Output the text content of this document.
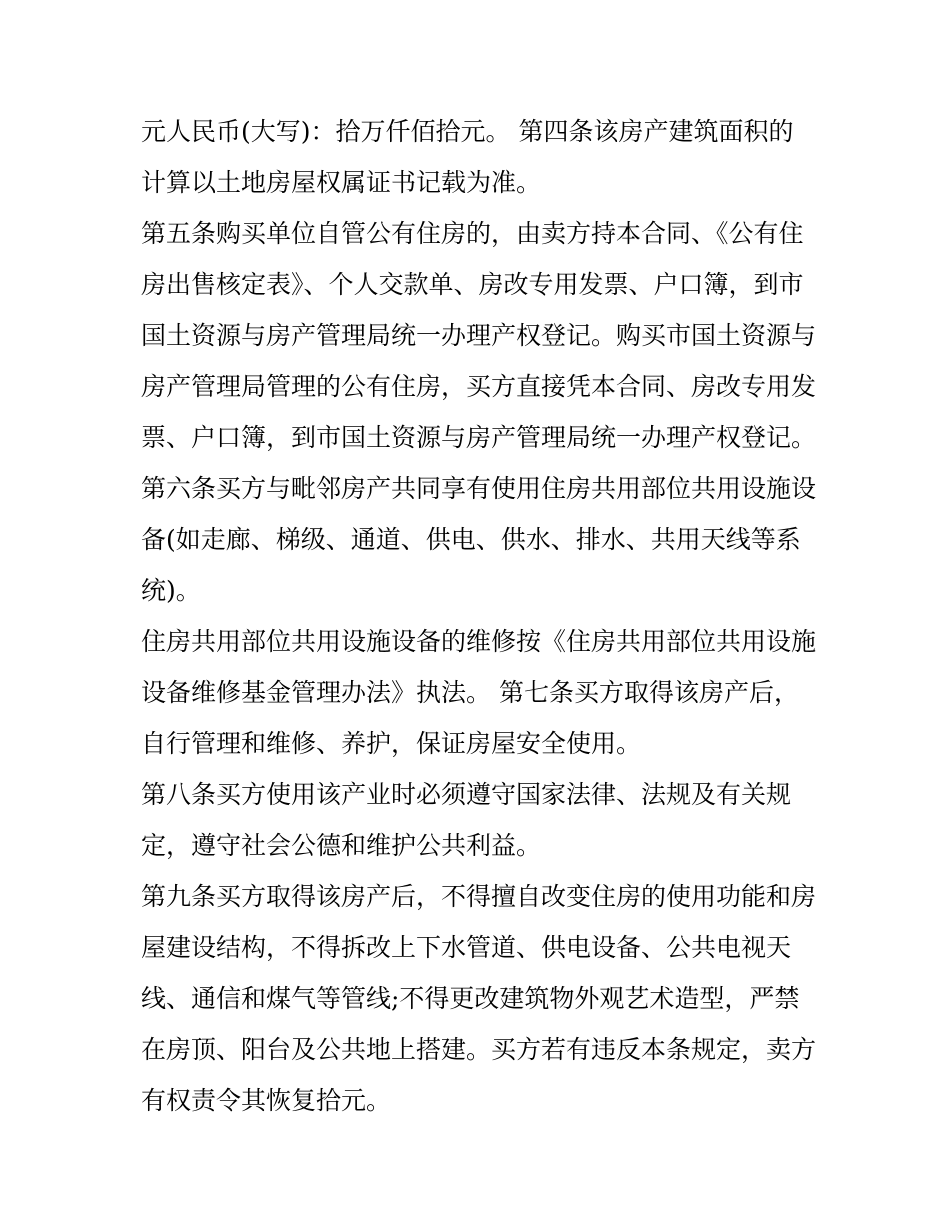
元人民币(大写)：拾万仟佰拾元。 第四条该房产建筑面积的
计算以土地房屋权属证书记载为准。
第五条购买单位自管公有住房的，由卖方持本合同、《公有住
房出售核定表》、个人交款单、房改专用发票、户口簿，到市
国土资源与房产管理局统一办理产权登记。购买市国土资源与
房产管理局管理的公有住房，买方直接凭本合同、房改专用发
票、户口簿，到市国土资源与房产管理局统一办理产权登记。
第六条买方与毗邻房产共同享有使用住房共用部位共用设施设
备(如走廊、梯级、通道、供电、供水、排水、共用天线等系
统)。
住房共用部位共用设施设备的维修按《住房共用部位共用设施
设备维修基金管理办法》执法。 第七条买方取得该房产后，
自行管理和维修、养护，保证房屋安全使用。
第八条买方使用该产业时必须遵守国家法律、法规及有关规
定，遵守社会公德和维护公共利益。
第九条买方取得该房产后，不得擅自改变住房的使用功能和房
屋建设结构，不得拆改上下水管道、供电设备、公共电视天
线、通信和煤气等管线;不得更改建筑物外观艺术造型，严禁
在房顶、阳台及公共地上搭建。买方若有违反本条规定，卖方
有权责令其恢复拾元。
